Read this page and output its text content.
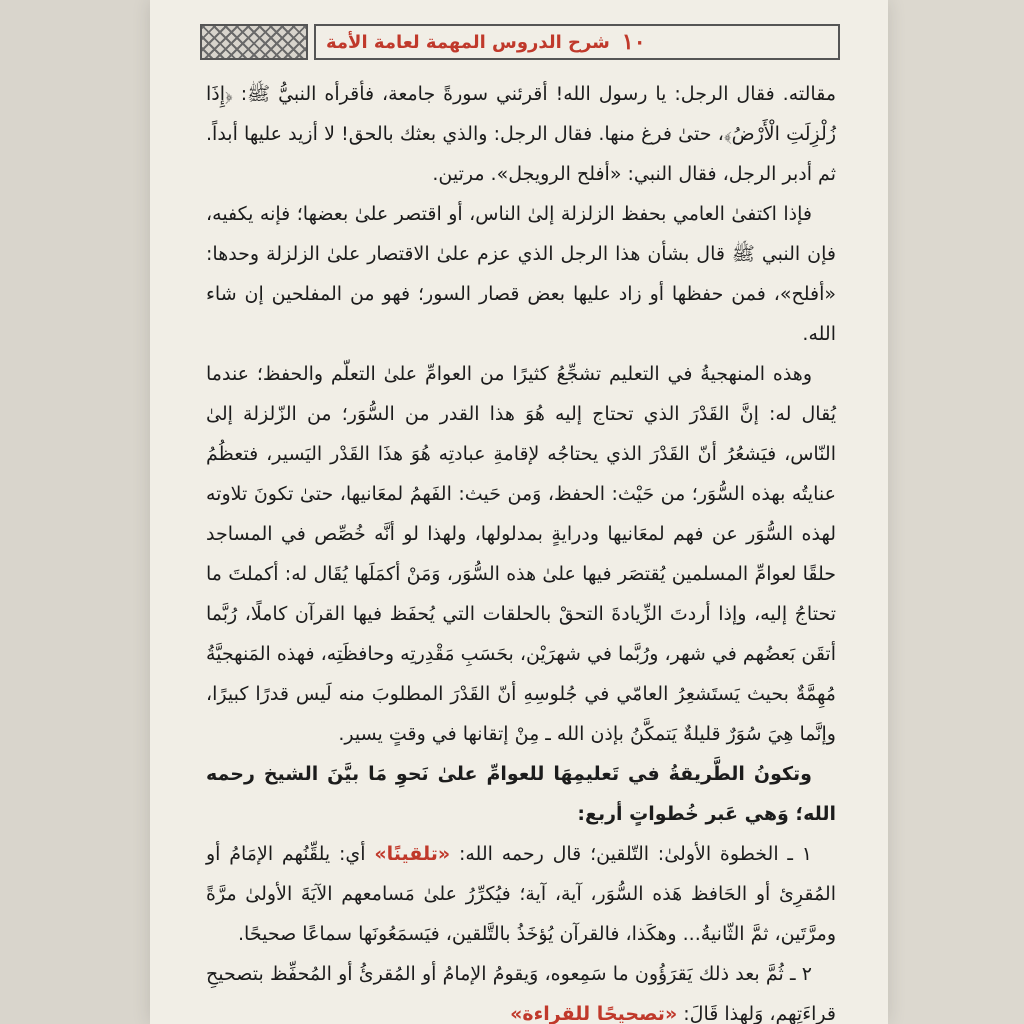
١٠
شرح الدروس المهمة لعامة الأمة

مقالته. فقال الرجل: يا رسول الله! أقرئني سورةً جامعة، فأقرأه النبيُّ ﷺ: ﴿إِذَا زُلْزِلَتِ الْأَرْضُ﴾، حتىٰ فرغ منها. فقال الرجل: والذي بعثك بالحق! لا أزيد عليها أبداً. ثم أدبر الرجل، فقال النبي: «أفلح الرويجل». مرتين.

فإذا اكتفىٰ العامي بحفظ الزلزلة إلىٰ الناس، أو اقتصر علىٰ بعضها؛ فإنه يكفيه، فإن النبي ﷺ قال بشأن هذا الرجل الذي عزم علىٰ الاقتصار علىٰ الزلزلة وحدها: «أفلح»، فمن حفظها أو زاد عليها بعض قصار السور؛ فهو من المفلحين إن شاء الله.

وهذه المنهجيةُ في التعليم تشجِّعُ كثيرًا من العوامِّ علىٰ التعلّم والحفظ؛ عندما يُقال له: إنَّ القَدْرَ الذي تحتاج إليه هُوَ هذا القدر من السُّوَر؛ من الزّلزلة إلىٰ النّاس، فيَشعُرُ أنّ القَدْرَ الذي يحتاجُه لإقامةِ عبادتِه هُوَ هذَا القَدْر اليَسير، فتعظُمُ عنايتُه بهذه السُّوَر؛ من حَيْث: الحفظ، وَمن حَيث: الفَهمُ لمعَانيها، حتىٰ تكونَ تلاوته لهذه السُّوَر عن فهم لمعَانيها ودرايةٍ بمدلولها، ولهذا لو أنَّه خُصِّص في المساجد حلقًا لعوامِّ المسلمين يُقتصَر فيها علىٰ هذه السُّوَر، وَمَنْ أكمَلَها يُقَال له: أكملتَ ما تحتاجُ إليه، وإذا أردتَ الزِّيادةَ التحقْ بالحلقات التي يُحفَظ فيها القرآن كاملًا، رُبَّما أتقَن بَعضُهم في شهر، ورُبَّما في شهرَيْن، بحَسَبِ مَقْدِرتِه وحافظَتِه، فهذه المَنهجيَّةُ مُهِمَّةٌ بحيث يَستَشعِرُ العامّي في جُلوسِهِ أنّ القَدْرَ المطلوبَ منه لَيس قدرًا كبيرًا، وإنَّما هِيَ سُوَرٌ قليلةٌ يَتمكَّنُ بإذن الله ـ مِنْ إتقانها في وقتٍ يسير.

وتكونُ الطَّريقةُ في تَعليمِهَا للعوامِّ علىٰ نَحوِ مَا بيَّنَ الشيخ رحمه الله؛ وَهي عَبر خُطواتٍ أربع:

١ ـ الخطوة الأولىٰ: التّلقين؛ قال رحمه الله: «تلقينًا» أي: يلقِّنُهم الإمَامُ أو المُقرِئ أو الحَافظ هَذه السُّوَر، آية، آية؛ فيُكرِّرُ علىٰ مَسامعهم الآيَةَ الأولىٰ مرَّةً ومرَّتَين، ثمَّ الثّانيةُ... وهكَذا، فالقرآن يُؤخَذُ بالتَّلقين، فيَسمَعُونَها سماعًا صحيحًا.

٢ ـ ثُمَّ بعد ذلك يَقرَؤُون ما سَمِعوه، وَيقومُ الإمامُ أو المُقرئُ أو المُحفِّظ بتصحيحِ قراءَتِهم، وَلهذا قَالَ: «تصحيحًا للقراءة»
